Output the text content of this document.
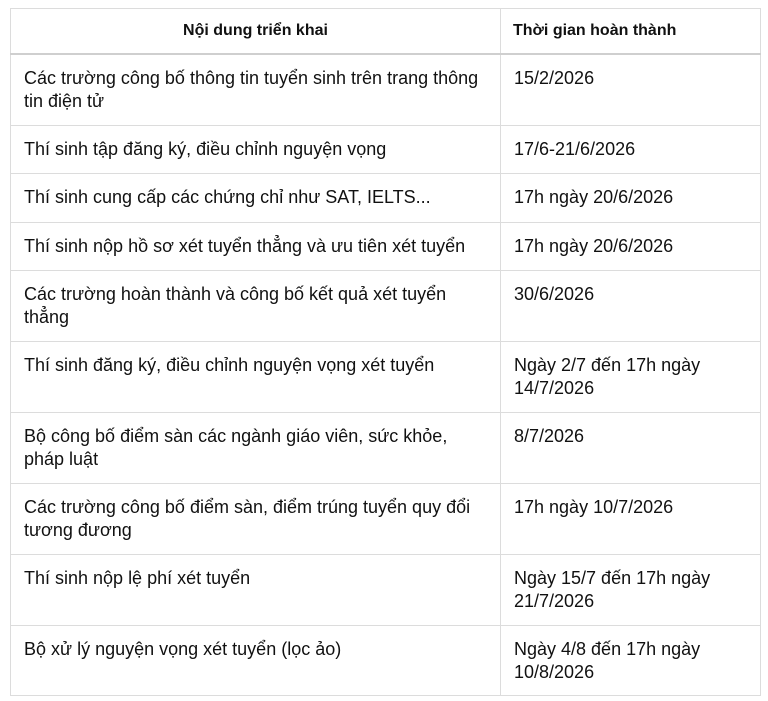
Nội dung triển khai	Thời gian hoàn thành
Các trường công bố thông tin tuyển sinh trên trang thông tin điện tử	15/2/2026
Thí sinh tập đăng ký, điều chỉnh nguyện vọng	17/6-21/6/2026
Thí sinh cung cấp các chứng chỉ như SAT, IELTS...	17h ngày 20/6/2026
Thí sinh nộp hồ sơ xét tuyển thẳng và ưu tiên xét tuyển	17h ngày 20/6/2026
Các trường hoàn thành và công bố kết quả xét tuyển thẳng	30/6/2026
Thí sinh đăng ký, điều chỉnh nguyện vọng xét tuyển	Ngày 2/7 đến 17h ngày 14/7/2026
Bộ công bố điểm sàn các ngành giáo viên, sức khỏe, pháp luật	8/7/2026
Các trường công bố điểm sàn, điểm trúng tuyển quy đổi tương đương	17h ngày 10/7/2026
Thí sinh nộp lệ phí xét tuyển	Ngày 15/7 đến 17h ngày 21/7/2026
Bộ xử lý nguyện vọng xét tuyển (lọc ảo)	Ngày 4/8 đến 17h ngày 10/8/2026
